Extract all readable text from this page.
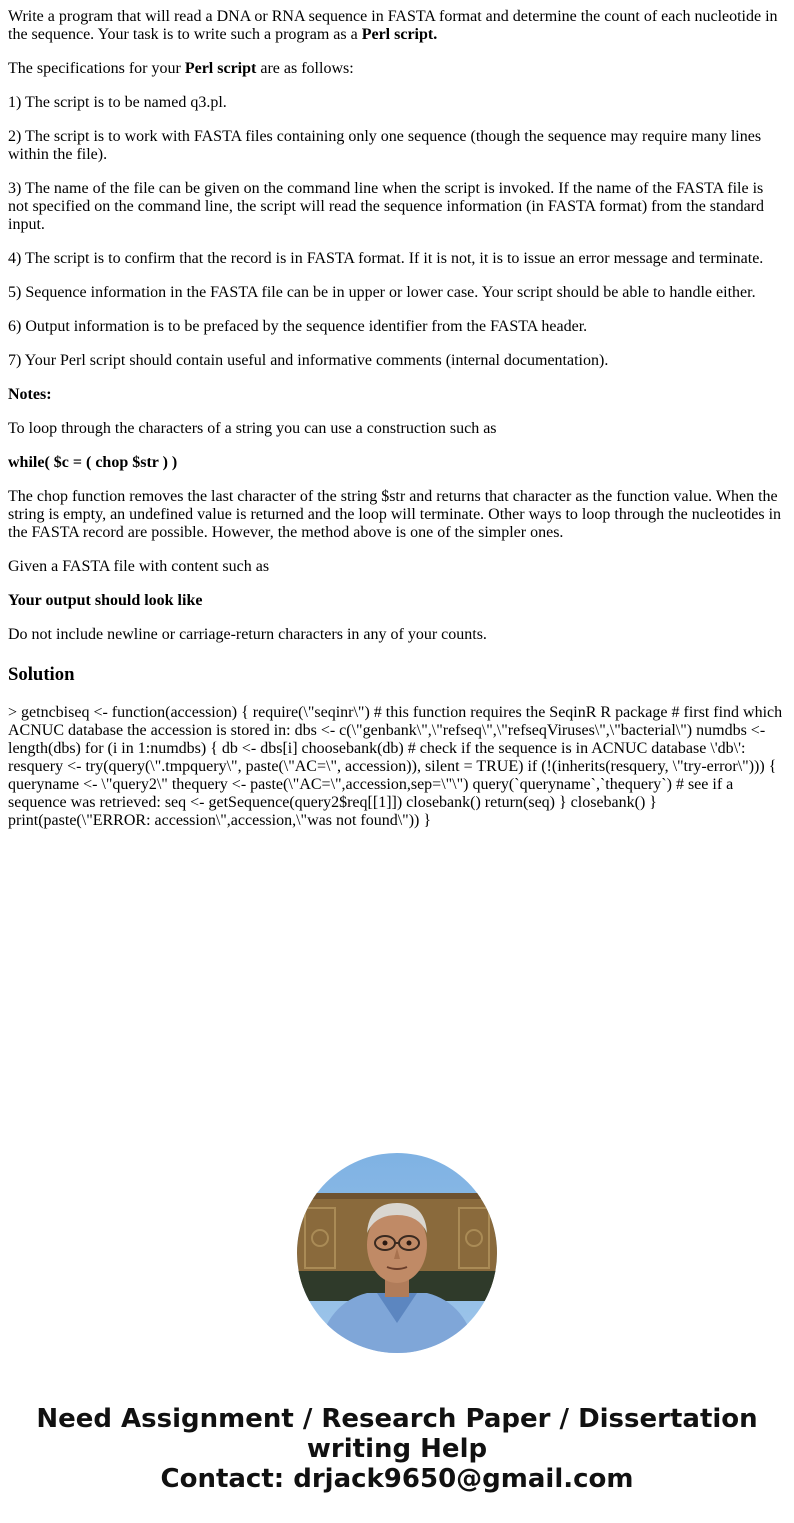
Write a program that will read a DNA or RNA sequence in FASTA format and determine the count of each nucleotide in the sequence. Your task is to write such a program as a Perl script.

The specifications for your Perl script are as follows:

1) The script is to be named q3.pl.

2) The script is to work with FASTA files containing only one sequence (though the sequence may require many lines within the file).

3) The name of the file can be given on the command line when the script is invoked. If the name of the FASTA file is not specified on the command line, the script will read the sequence information (in FASTA format) from the standard input.

4) The script is to confirm that the record is in FASTA format. If it is not, it is to issue an error message and terminate.

5) Sequence information in the FASTA file can be in upper or lower case. Your script should be able to handle either.

6) Output information is to be prefaced by the sequence identifier from the FASTA header.

7) Your Perl script should contain useful and informative comments (internal documentation).

Notes:

To loop through the characters of a string you can use a construction such as

while( $c = ( chop $str ) )

The chop function removes the last character of the string $str and returns that character as the function value. When the string is empty, an undefined value is returned and the loop will terminate. Other ways to loop through the nucleotides in the FASTA record are possible. However, the method above is one of the simpler ones.

Given a FASTA file with content such as

Your output should look like

Do not include newline or carriage-return characters in any of your counts.

Solution

> getncbiseq <- function(accession) { require(\"seqinr\") # this function requires the SeqinR R package # first find which ACNUC database the accession is stored in: dbs <- c(\"genbank\",\"refseq\",\"refseqViruses\",\"bacterial\") numdbs <- length(dbs) for (i in 1:numdbs) { db <- dbs[i] choosebank(db) # check if the sequence is in ACNUC database \'db\': resquery <- try(query(\".tmpquery\", paste(\"AC=\", accession)), silent = TRUE) if (!(inherits(resquery, \"try-error\"))) { queryname <- \"query2\" thequery <- paste(\"AC=\",accession,sep=\"\") query(`queryname`,`thequery`) # see if a sequence was retrieved: seq <- getSequence(query2$req[[1]]) closebank() return(seq) } closebank() } print(paste(\"ERROR: accession\",accession,\"was not found\")) }

Need Assignment / Research Paper / Dissertation
writing Help
Contact: drjack9650@gmail.com
